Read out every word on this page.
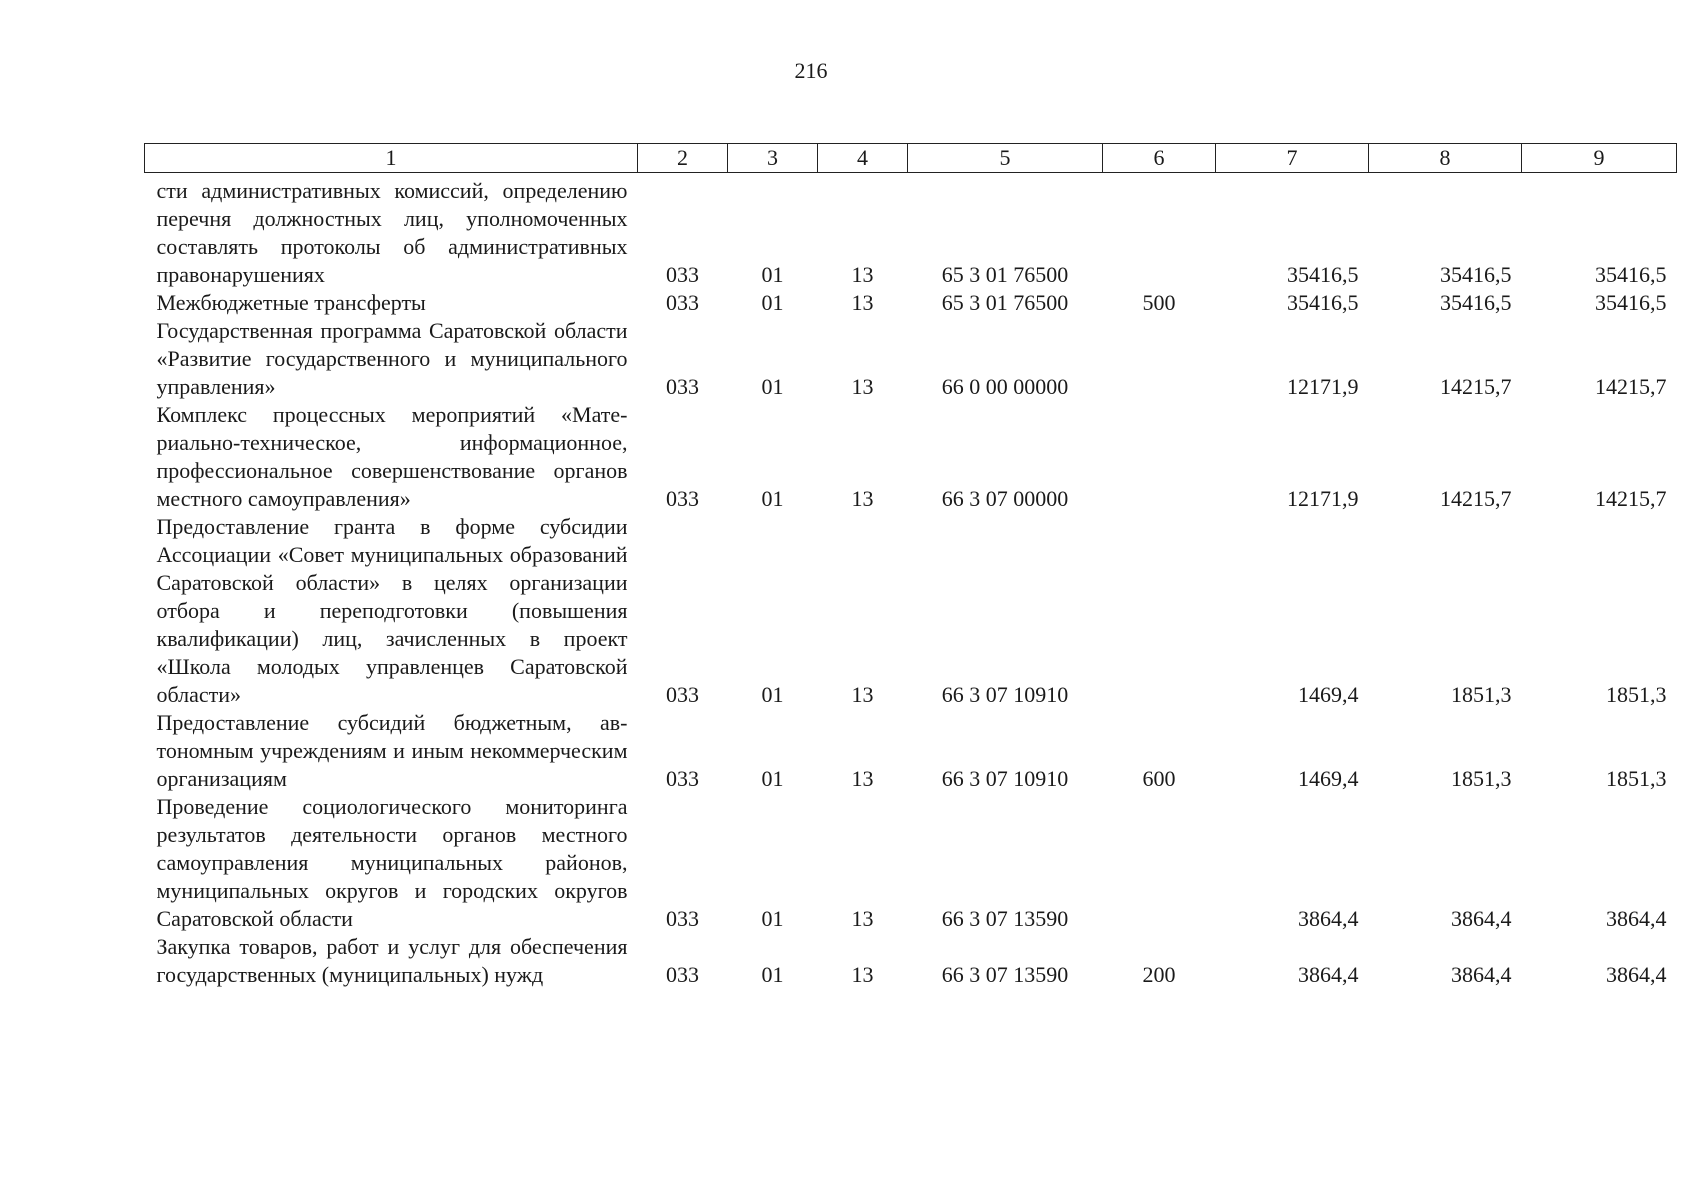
216
1	2	3	4	5	6	7	8	9
сти административных комиссий, определению перечня должностных лиц, уполномоченных составлять протоколы об административных правонарушениях	033	01	13	65 3 01 76500		35416,5	35416,5	35416,5
Межбюджетные трансферты	033	01	13	65 3 01 76500	500	35416,5	35416,5	35416,5
Государственная программа Саратовской области «Развитие государственного и муниципального управления»	033	01	13	66 0 00 00000		12171,9	14215,7	14215,7
Комплекс процессных мероприятий «Материально-техническое, информационное, профессиональное совершенствование органов местного самоуправления»	033	01	13	66 3 07 00000		12171,9	14215,7	14215,7
Предоставление гранта в форме субсидии Ассоциации «Совет муниципальных образований Саратовской области» в целях организации отбора и переподготовки (повышения квалификации) лиц, зачисленных в проект «Школа молодых управленцев Саратовской области»	033	01	13	66 3 07 10910		1469,4	1851,3	1851,3
Предоставление субсидий бюджетным, автономным учреждениям и иным некоммерческим организациям	033	01	13	66 3 07 10910	600	1469,4	1851,3	1851,3
Проведение социологического мониторинга результатов деятельности органов местного самоуправления муниципальных районов, муниципальных округов и городских округов Саратовской области	033	01	13	66 3 07 13590		3864,4	3864,4	3864,4
Закупка товаров, работ и услуг для обеспечения государственных (муниципальных) нужд	033	01	13	66 3 07 13590	200	3864,4	3864,4	3864,4
